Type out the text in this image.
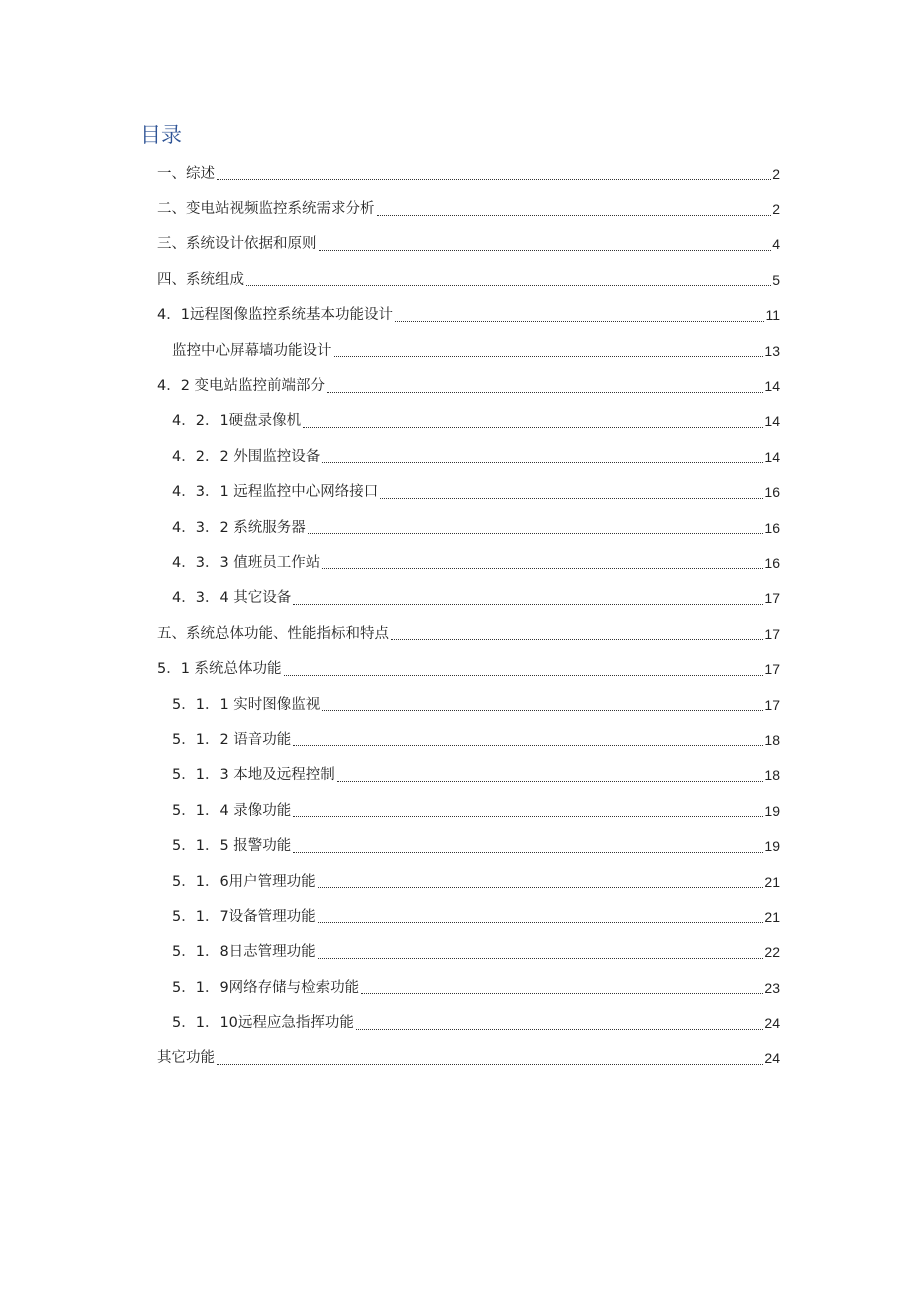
目录
一、综述	2
二、变电站视频监控系统需求分析	2
三、系统设计依据和原则	4
四、系统组成	5
4．1远程图像监控系统基本功能设计	11
监控中心屏幕墙功能设计	13
4．2 变电站监控前端部分	14
4．2．1硬盘录像机	14
4．2．2 外围监控设备	14
4．3．1 远程监控中心网络接口	16
4．3．2 系统服务器	16
4．3．3 值班员工作站	16
4．3．4 其它设备	17
五、系统总体功能、性能指标和特点	17
5．1 系统总体功能	17
5．1．1 实时图像监视	17
5．1．2 语音功能	18
5．1．3 本地及远程控制	18
5．1．4 录像功能	19
5．1．5 报警功能	19
5．1．6用户管理功能	21
5．1．7设备管理功能	21
5．1．8日志管理功能	22
5．1．9网络存储与检索功能	23
5．1．10远程应急指挥功能	24
其它功能	24
